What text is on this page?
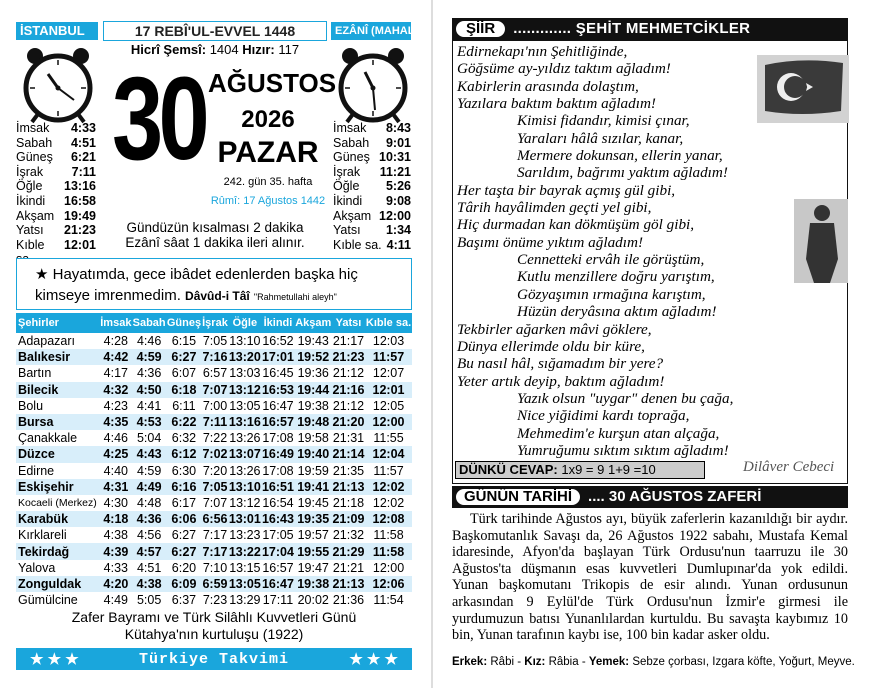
İSTANBUL	17 REBÎ'UL-EVVEL 1448	EZÂNÎ (MAHALLÎ)
Hicrî Şemsî: 1404 Hızır: 117
30 AĞUSTOS
2026
PAZAR
242. gün 35. hafta
Rûmî: 17 Ağustos 1442
İmsak 4:33
Sabah 4:51
Güneş 6:21
İşrak 7:11
Öğle 13:16
İkindi 16:58
Akşam 19:49
Yatsı 21:23
Kıble	12:01
İmsak 8:43
Sabah 9:01
Güneş 10:31
İşrak 11:21
Öğle 5:26
İkindi 9:08
Akşam 12:00
Yatsı 1:34
Kıble sa. 4:11
Gündüzün kısalması 2 dakika
Ezânî sâat 1 dakika ileri alınır.
★ Hayatımda, gece ibâdet edenlerden başka hiç kimseye imrenmedim. Dâvûd-i Tâî "Rahmetullahi aleyh"
Şehirler	İmsak	Sabah	Güneş	İşrak	Öğle	İkindi	Akşam	Yatsı	Kıble sa.
Adapazarı	4:28	4:46	6:15	7:05	13:10	16:52	19:43	21:17	12:03
Balıkesir	4:42	4:59	6:27	7:16	13:20	17:01	19:52	21:23	11:57
Bartın	4:17	4:36	6:07	6:57	13:03	16:45	19:36	21:12	12:07
Bilecik	4:32	4:50	6:18	7:07	13:12	16:53	19:44	21:16	12:01
Bolu	4:23	4:41	6:11	7:00	13:05	16:47	19:38	21:12	12:05
Bursa	4:35	4:53	6:22	7:11	13:16	16:57	19:48	21:20	12:00
Çanakkale	4:46	5:04	6:32	7:22	13:26	17:08	19:58	21:31	11:55
Düzce	4:25	4:43	6:12	7:02	13:07	16:49	19:40	21:14	12:04
Edirne	4:40	4:59	6:30	7:20	13:26	17:08	19:59	21:35	11:57
Eskişehir	4:31	4:49	6:16	7:05	13:10	16:51	19:41	21:13	12:02
Kocaeli (Merkez)	4:30	4:48	6:17	7:07	13:12	16:54	19:45	21:18	12:02
Karabük	4:18	4:36	6:06	6:56	13:01	16:43	19:35	21:09	12:08
Kırklareli	4:38	4:56	6:27	7:17	13:23	17:05	19:57	21:32	11:58
Tekirdağ	4:39	4:57	6:27	7:17	13:22	17:04	19:55	21:29	11:58
Yalova	4:33	4:51	6:20	7:10	13:15	16:57	19:47	21:21	12:00
Zonguldak	4:20	4:38	6:09	6:59	13:05	16:47	19:38	21:13	12:06
Gümülcine	4:49	5:05	6:37	7:23	13:29	17:11	20:02	21:36	11:54
Zafer Bayramı ve Türk Silâhlı Kuvvetleri Günü
Kütahya'nın kurtuluşu (1922)
★ ★ ★	Türkiye Takvimi	★ ★ ★
ŞİİR	............. ŞEHİT MEHMETCİKLER
Edirnekapı'nın Şehitliğinde,
Göğsüme ay-yıldız taktım ağladım!
Kabirlerin arasında dolaştım,
Yazılara baktım baktım ağladım!
Kimisi fidandır, kimisi çınar,
Yaraları hâlâ sızılar, kanar,
Mermere dokunsan, ellerin yanar,
Sarıldım, bağrımı yaktım ağladım!
Her taşta bir bayrak açmış gül gibi,
Târih hayâlimden geçti yel gibi,
Hiç durmadan kan dökmüşüm göl gibi,
Başımı önüme yıktım ağladım!
Cennetteki ervâh ile görüştüm,
Kutlu menzillere doğru yarıştım,
Gözyaşımın ırmağına karıştım,
Hüzün deryâsına aktım ağladım!
Tekbirler ağarken mâvi göklere,
Dünya ellerimde oldu bir küre,
Bu nasıl hâl, sığamadım bir yere?
Yeter artık deyip, baktım ağladım!
Yazık olsun "uygar" denen bu çağa,
Nice yiğidimi kardı toprağa,
Mehmedim'e kurşun atan alçağa,
Yumruğumu sıktım sıktım ağladım!
DÜNKÜ CEVAP: 1x9 = 9 1+9 =10	Dilâver Cebeci
GÜNÜN TARİHİ	.... 30 AĞUSTOS ZAFERİ
Türk tarihinde Ağustos ayı, büyük zaferlerin kazanıldığı bir aydır. Başkomutanlık Savaşı da, 26 Ağustos 1922 sabahı, Mustafa Kemal idaresinde, Afyon'da başlayan Türk Ordusu'nun taarruzu ile 30 Ağustos'ta düşmanın esas kuvvetleri Dumlupınar'da yok edildi. Yunan başkomutanı Trikopis de esir alındı. Yunan ordusunun arkasından 9 Eylül'de Türk Ordusu'nun İzmir'e girmesi ile yurdumuzun batısı Yunanlılardan kurtuldu. Bu savaşta kaybımız 10 bin, Yunan tarafının kaybı ise, 100 bin kadar asker oldu.
Erkek: Râbi - Kız: Râbia - Yemek: Sebze çorbası, Izgara köfte, Yoğurt, Meyve.
